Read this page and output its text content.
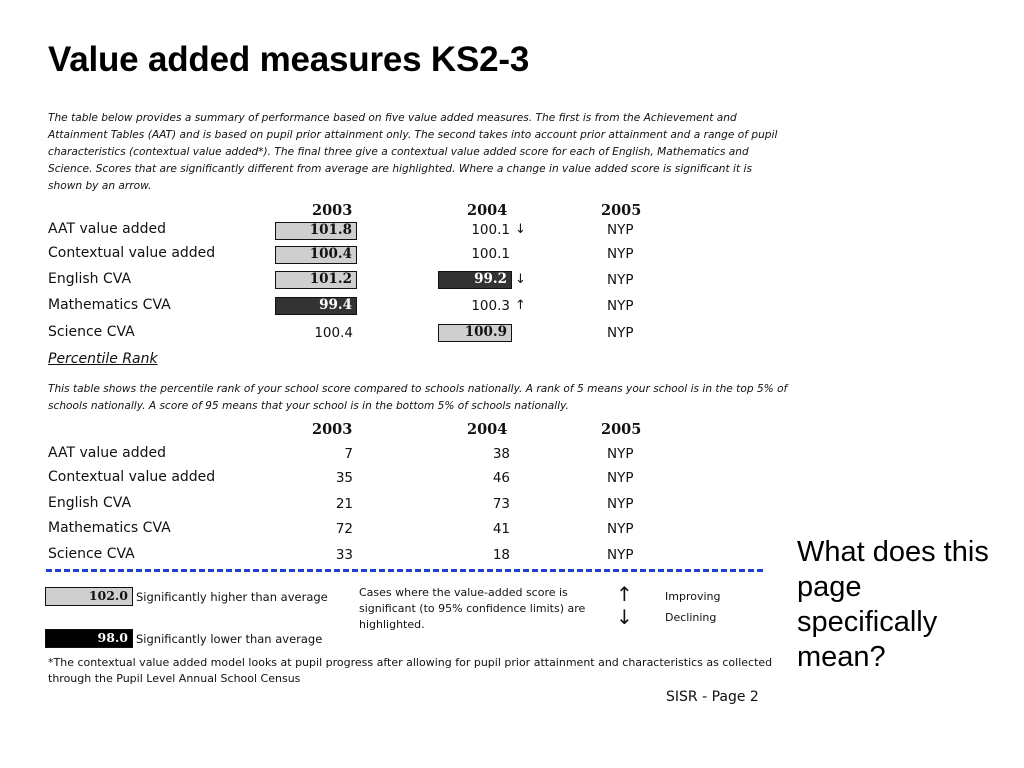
Value added measures KS2-3
The table below provides a summary of performance based on five value added measures. The first is from the Achievement and Attainment Tables (AAT) and is based on pupil prior attainment only. The second takes into account prior attainment and a range of pupil characteristics (contextual value added*). The final three give a contextual value added score for each of English, Mathematics and Science. Scores that are significantly different from average are highlighted. Where a change in value added score is significant it is shown by an arrow.
2003	2004	2005
AAT value added	101.8	100.1 ↓	NYP
Contextual value added	100.4	100.1	NYP
English CVA	101.2	99.2 ↓	NYP
Mathematics CVA	99.4	100.3 ↑	NYP
Science CVA	100.4	100.9	NYP
Percentile Rank
This table shows the percentile rank of your school score compared to schools nationally. A rank of 5 means your school is in the top 5% of schools nationally. A score of 95 means that your school is in the bottom 5% of schools nationally.
2003	2004	2005
AAT value added	7	38	NYP
Contextual value added	35	46	NYP
English CVA	21	73	NYP
Mathematics CVA	72	41	NYP
Science CVA	33	18	NYP
102.0 Significantly higher than average
98.0 Significantly lower than average
Cases where the value-added score is significant (to 95% confidence limits) are highlighted.
↑
↓
Improving
Declining
*The contextual value added model looks at pupil progress after allowing for pupil prior attainment and characteristics as collected through the Pupil Level Annual School Census
SISR - Page 2
What does this page specifically mean?
